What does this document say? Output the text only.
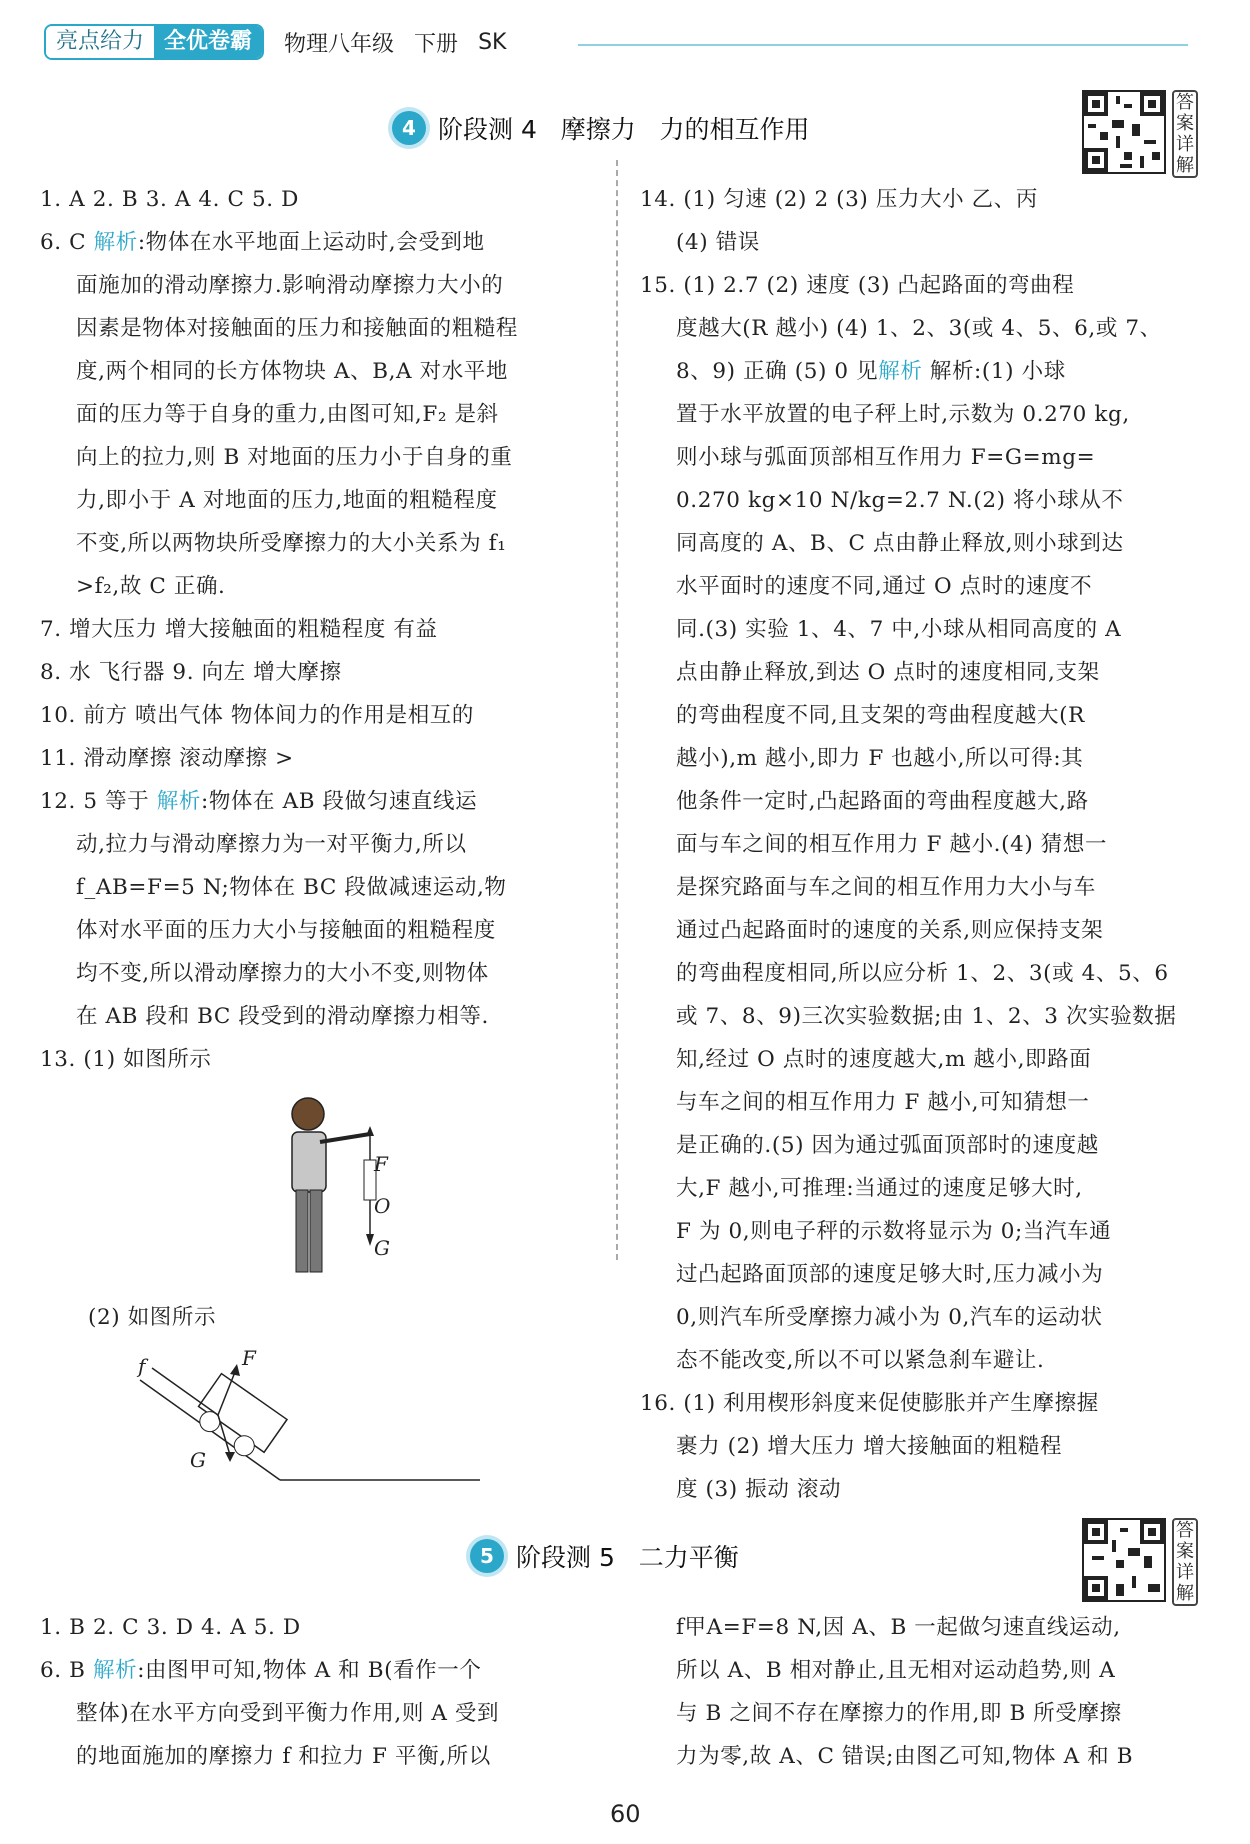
亮点给力 全优卷霸	物理八年级 下册 SK
4 阶段测 4   摩擦力   力的相互作用
答案详解

1. A 2. B 3. A 4. C 5. D

6. C 解析:物体在水平地面上运动时,会受到地

面施加的滑动摩擦力.影响滑动摩擦力大小的

因素是物体对接触面的压力和接触面的粗糙程

度,两个相同的长方体物块 A、B,A 对水平地

面的压力等于自身的重力,由图可知,F₂ 是斜

向上的拉力,则 B 对地面的压力小于自身的重

力,即小于 A 对地面的压力,地面的粗糙程度

不变,所以两物块所受摩擦力的大小关系为 f₁

>f₂,故 C 正确.

7. 增大压力 增大接触面的粗糙程度 有益

8. 水 飞行器 9. 向左 增大摩擦

10. 前方 喷出气体 物体间力的作用是相互的

11. 滑动摩擦 滚动摩擦 >

12. 5 等于 解析:物体在 AB 段做匀速直线运

动,拉力与滑动摩擦力为一对平衡力,所以

f_AB=F=5 N;物体在 BC 段做减速运动,物

体对水平面的压力大小与接触面的粗糙程度

均不变,所以滑动摩擦力的大小不变,则物体

在 AB 段和 BC 段受到的滑动摩擦力相等.

13. (1) 如图所示

F
O
G

(2) 如图所示

f	F
G

14. (1) 匀速 (2) 2 (3) 压力大小 乙、丙

(4) 错误

15. (1) 2.7 (2) 速度 (3) 凸起路面的弯曲程

度越大(R 越小) (4) 1、2、3(或 4、5、6,或 7、

8、9) 正确 (5) 0 见解析 解析:(1) 小球

置于水平放置的电子秤上时,示数为 0.270 kg,

则小球与弧面顶部相互作用力 F=G=mg=

0.270 kg×10 N/kg=2.7 N.(2) 将小球从不

同高度的 A、B、C 点由静止释放,则小球到达

水平面时的速度不同,通过 O 点时的速度不

同.(3) 实验 1、4、7 中,小球从相同高度的 A

点由静止释放,到达 O 点时的速度相同,支架

的弯曲程度不同,且支架的弯曲程度越大(R

越小),m 越小,即力 F 也越小,所以可得:其

他条件一定时,凸起路面的弯曲程度越大,路

面与车之间的相互作用力 F 越小.(4) 猜想一

是探究路面与车之间的相互作用力大小与车

通过凸起路面时的速度的关系,则应保持支架

的弯曲程度相同,所以应分析 1、2、3(或 4、5、6

或 7、8、9)三次实验数据;由 1、2、3 次实验数据

知,经过 O 点时的速度越大,m 越小,即路面

与车之间的相互作用力 F 越小,可知猜想一

是正确的.(5) 因为通过弧面顶部时的速度越

大,F 越小,可推理:当通过的速度足够大时,

F 为 0,则电子秤的示数将显示为 0;当汽车通

过凸起路面顶部的速度足够大时,压力减小为

0,则汽车所受摩擦力减小为 0,汽车的运动状

态不能改变,所以不可以紧急刹车避让.

16. (1) 利用楔形斜度来促使膨胀并产生摩擦握

裹力 (2) 增大压力 增大接触面的粗糙程

度 (3) 振动 滚动

5 阶段测 5   二力平衡
答案详解

1. B 2. C 3. D 4. A 5. D

6. B 解析:由图甲可知,物体 A 和 B(看作一个

整体)在水平方向受到平衡力作用,则 A 受到

的地面施加的摩擦力 f 和拉力 F 平衡,所以

f甲A=F=8 N,因 A、B 一起做匀速直线运动,

所以 A、B 相对静止,且无相对运动趋势,则 A

与 B 之间不存在摩擦力的作用,即 B 所受摩擦

力为零,故 A、C 错误;由图乙可知,物体 A 和 B

60
